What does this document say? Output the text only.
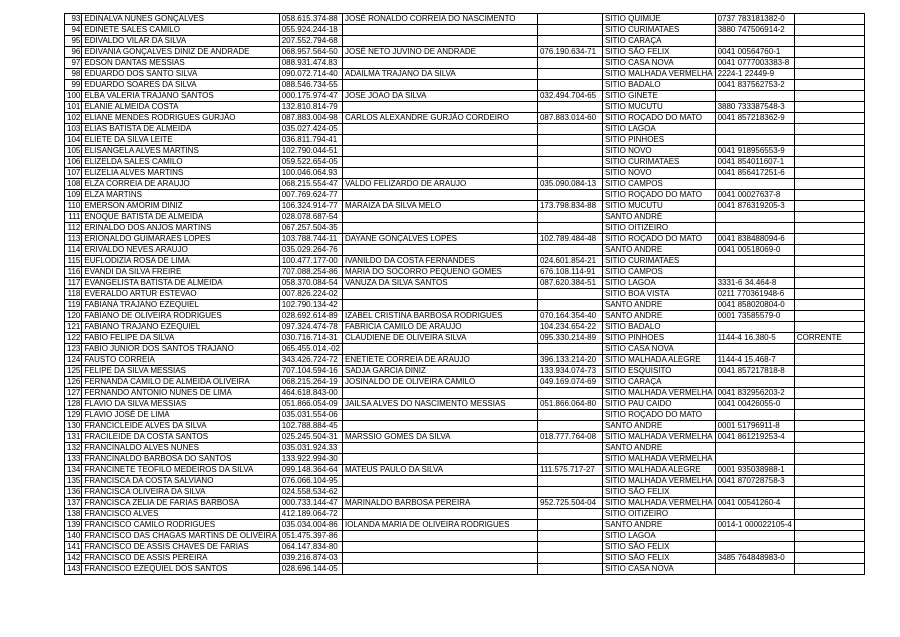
93	EDINALVA NUNES GONÇALVES	058.615.374-88	JOSÉ RONALDO CORREIA DO NASCIMENTO		SITIO QUIMIJE	0737 783181382-0	
94	EDINETE SALES CAMILO	055.924.244-18			SITIO CURIMATAES	3880 747506914-2	
95	EDIVALDO VILAR DA SILVA	207.552.794-68			SITIO CARAÇA		
96	EDIVANIA GONÇALVES DINIZ DE ANDRADE	068.957.564-50	JOSÉ NETO JUVINO DE ANDRADE	076.190.634-71	SITIO SÃO FELIX	0041 00564760-1	
97	EDSON DANTAS MESSIAS	088.931.474.83			SITIO CASA NOVA	0041 0777003383-8	
98	EDUARDO DOS SANTO SILVA	090.072.714-40	ADAILMA TRAJANO DA SILVA		SITIO MALHADA VERMELHA	2224-1 22449-9	
99	EDUARDO SOARES DA SILVA	088.546.734-55			SITIO BADALO	0041 837562753-2	
100	ELBA VALERIA TRAJANO SANTOS	000.175.974-47	JOSE JOAO DA SILVA	032.494.704-65	SITIO GINETE		
101	ELANIE ALMEIDA COSTA	132.810.814-79			SITIO MUCUTU	3880 733387548-3	
102	ELIANE MENDES RODRIGUES GURJÃO	087.883.004-98	CARLOS ALEXANDRE GURJÃO CORDEIRO	087.883.014-60	SITIO ROÇADO DO MATO	0041 857218362-9	
103	ELIAS BATISTA DE ALMEIDA	035.027.424-05			SITIO LAGOA		
104	ELIETE DA SILVA LEITE	036.811.794-41			SITIO PINHOES		
105	ELISANGELA ALVES MARTINS	102.790.044-51			SITIO NOVO	0041 918956553-9	
106	ELIZELDA SALES CAMILO	059.522.654-05			SITIO CURIMATAES	0041 854011607-1	
107	ELIZELIA ALVES MARTINS	100.046.064.93			SITIO NOVO	0041 856417251-6	
108	ELZA CORREIA DE ARAUJO	068.215.554-47	VALDO FELIZARDO DE ARAUJO	035.090.084-13	SITIO CAMPOS		
109	ELZA MARTINS	007.769.624-77			SITIO ROÇADO DO MATO	0041 00027637-8	
110	EMERSON AMORIM DINIZ	106.324.914-77	MARAIZA DA SILVA MELO	173.798.834-88	SITIO MUCUTU	0041 876319205-3	
111	ENOQUE BATISTA DE ALMEIDA	028.078.687-54			SANTO ANDRÉ		
112	ERINALDO DOS ANJOS MARTINS	067.257.504-35			SITIO OITIZEIRO		
113	ERIONALDO GUIMARAES LOPES	103.788.744-11	DAYANE GONÇALVES LOPES	102.789.484-48	SITIO ROÇADO DO MATO	0041 838488094-6	
114	ERIVALDO NEVES ARAUJO	035.029.264-76			SANTO ANDRE	0041 00518069-0	
115	EUFLODIZIA ROSA DE LIMA	100.477.177-00	IVANILDO DA COSTA FERNANDES	024.601.854-21	SITIO CURIMATAES		
116	EVANDI DA SILVA FREIRE	707.088.254-86	MARIA DO SOCORRO PEQUENO GOMES	676.108.114-91	SITIO CAMPOS		
117	EVANGELISTA BATISTA DE ALMEIDA	058.370.084-54	VANUZA DA SILVA SANTOS	087.620.384-51	SITIO LAGOA	3331-6 34.464-8	
118	EVERALDO ARTUR ESTEVAO	007.826.224-02			SITIO BOA VISTA	0211 770361948-6	
119	FABIANA TRAJANO EZEQUIEL	102.790.134-42			SANTO ANDRE	0041 858020804-0	
120	FABIANO DE OLIVEIRA RODRIGUES	028.692.614-89	IZABEL CRISTINA BARBOSA RODRIGUES	070.164.354-40	SANTO ANDRE	0001 73585579-0	
121	FABIANO TRAJANO EZEQUIEL	097.324.474-78	FABRICIA CAMILO DE ARAUJO	104.234.654-22	SITIO BADALO		
122	FABIO FELIPE DA SILVA	030.716.714-31	CLAUDIENE DE OLIVEIRA SILVA	095.330.214-89	SITIO PINHOES	1144-4 16.380-5	CORRENTE
123	FABIO JUNIOR DOS SANTOS TRAJANO	065.455.014.-02			SITIO CASA NOVA		
124	FAUSTO CORREIA	343.426.724-72	ENETIETE CORREIA DE ARAUJO	396.133.214-20	SITIO MALHADA ALEGRE	1144-4 15.468-7	
125	FELIPE DA SILVA MESSIAS	707.104.594-16	SADJA GARCIA DINIZ	133.934.074-73	SITIO ESQUISITO	0041 857217818-8	
126	FERNANDA CAMILO DE ALMEIDA OLIVEIRA	068.215.264-19	JOSINALDO DE OLIVEIRA CAMILO	049.169.074-69	SITIO CARAÇA		
127	FERNANDO ANTONIO NUNES DE LIMA	464.618.843-00			SITIO MALHADA VERMELHA	0041 832956203-2	
128	FLAVIO DA SILVA MESSIAS	051.866.054-09	JAILSA ALVES DO NASCIMENTO MESSIAS	051.866.064-80	SITIO PAU CAIDO	0041 00426055-0	
129	FLAVIO JOSÉ DE LIMA	035.031.554-06			SITIO ROÇADO DO MATO		
130	FRANCICLEIDE ALVES DA SILVA	102.788.884-45			SANTO ANDRE	0001 51796911-8	
131	FRACILEIDE DA COSTA SANTOS	025.245.504-31	MARSSIO GOMES DA SILVA	018.777.764-08	SITIO MALHADA VERMELHA	0041 861219253-4	
132	FRANCINALDO ALVES NUNES	035.031.924.33			SANTO ANDRE		
133	FRANCINALDO BARBOSA DO SANTOS	133.922.994-30			SITIO MALHADA VERMELHA		
134	FRANCINETE TEOFILO MEDEIROS DA SILVA	099.148.364-64	MATEUS PAULO DA SILVA	111.575.717-27	SITIO MALHADA ALEGRE	0001 935038988-1	
135	FRANCISCA DA COSTA SALVIANO	076.066.104-95			SITIO MALHADA VERMELHA	0041 870728758-3	
136	FRANCISCA OLIVEIRA DA SILVA	024.558.534-62			SITIO SÃO FELIX		
137	FRANCISCA ZELIA DE FARIAS BARBOSA	000.733.144-47	MARINALDO BARBOSA PEREIRA	952.725.504-04	SITIO MALHADA VERMELHA	0041 00541260-4	
138	FRANCISCO ALVES	412.189.064-72			SITIO OITIZEIRO		
139	FRANCISCO CAMILO RODRIGUES	035.034.004-86	IOLANDA MARIA DE OLIVEIRA RODRIGUES		SANTO ANDRE	0014-1 000022105-4	
140	FRANCISCO DAS CHAGAS MARTINS DE OLIVEIRA	051.475.397-86			SITIO LAGOA		
141	FRANCISCO DE ASSIS CHAVES DE FARIAS	064.147.834-80			SITIO SÃO FELIX		
142	FRANCISCO DE ASSIS PEREIRA	039.216.874-03			SITIO SÃO FELIX	3485 764848983-0	
143	FRANCISCO EZEQUIEL DOS SANTOS	028.696.144-05			SITIO CASA NOVA		
